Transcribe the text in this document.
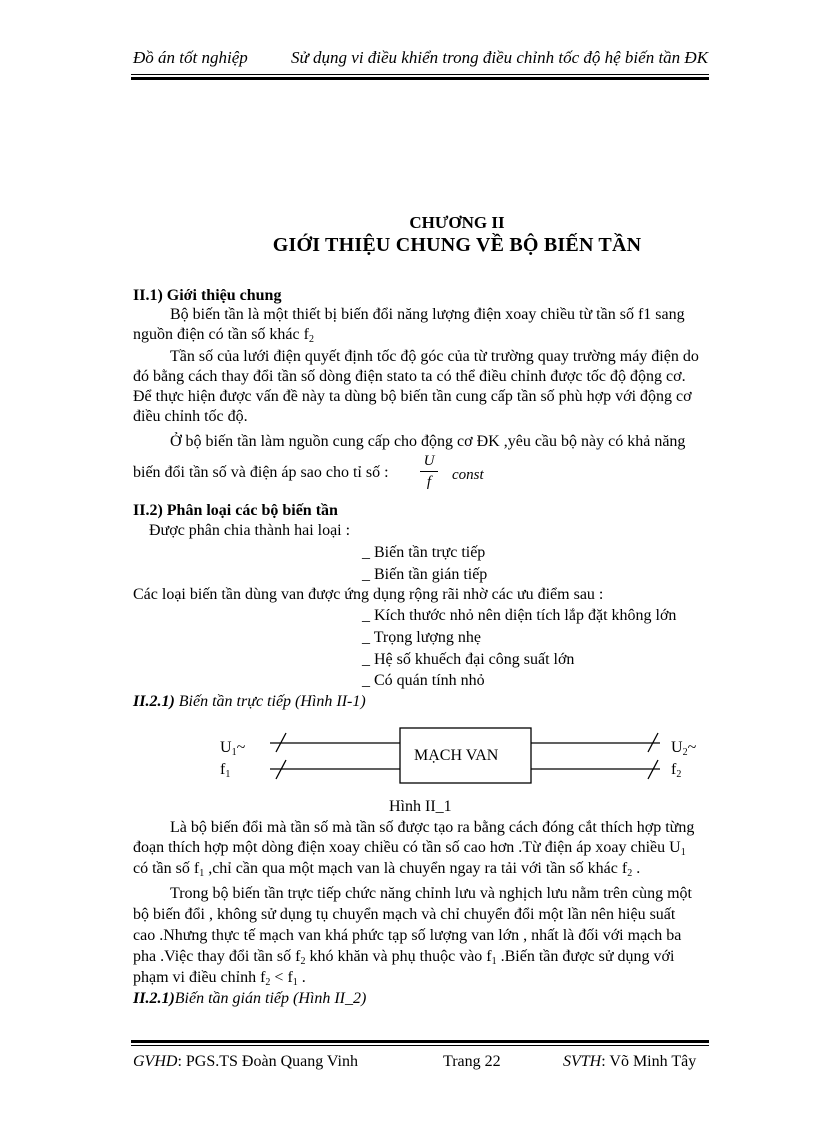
Đồ án tốt nghiệp	Sử dụng vi điều khiển trong điều chỉnh tốc độ hệ biến tần ĐK
CHƯƠNG II
GIỚI THIỆU CHUNG VỀ BỘ BIẾN TẦN
II.1) Giới thiệu chung
Bộ biến tần là một thiết bị biến đổi năng lượng điện xoay chiều từ tần số f1 sang
nguồn điện có tần số khác $f_2$
Tần số của lưới điện quyết định tốc độ góc của từ trường quay trường máy điện do
đó bằng cách thay đổi tần số dòng điện stato ta có thể điều chỉnh được tốc độ động cơ.
Để thực hiện được vấn đề này ta dùng bộ biến tần cung cấp tần số phù hợp với động cơ
điều chỉnh tốc độ.
Ở bộ biến tần làm nguồn cung cấp cho động cơ ĐK ,yêu cầu bộ này có khả năng
biến đổi tần số và điện áp sao cho tỉ số :
U
f	const
II.2) Phân loại các bộ biến tần
Được phân chia thành hai loại :
_ Biến tần trực tiếp
_ Biến tần gián tiếp
Các loại biến tần dùng van được ứng dụng rộng rãi nhờ các ưu điểm sau :
_ Kích thước nhỏ nên diện tích lắp đặt không lớn
_ Trọng lượng nhẹ
_ Hệ số khuếch đại công suất lớn
_ Có quán tính nhỏ
II.2.1) Biến tần trực tiếp (Hình II-1)
MẠCH VAN
$U_1\sim$
$f_1$
$U_2\sim$
$f_2$
Hình II_1
Là bộ biến đổi mà tần số mà tần số được tạo ra bằng cách đóng cắt thích hợp từng
đoạn thích hợp một dòng điện xoay chiều có tần số cao hơn .Từ điện áp xoay chiều $U_1$
có tần số $f_1$ ,chỉ cần qua một mạch van là chuyển ngay ra tải với tần số khác $f_2$ .
Trong bộ biến tần trực tiếp chức năng chỉnh lưu và nghịch lưu nằm trên cùng một
bộ biến đổi , không sử dụng tụ chuyển mạch và chỉ chuyển đổi một lần nên hiệu suất
cao .Nhưng thực tế mạch van khá phức tạp số lượng van lớn , nhất là đối với mạch ba
pha .Việc thay đổi tần số $f_2$ khó khăn và phụ thuộc vào $f_1$ .Biến tần được sử dụng với
phạm vi điều chỉnh $f_2 < f_1$ .
II.2.1)Biến tần gián tiếp (Hình II_2)
GVHD: PGS.TS Đoàn Quang Vinh	Trang 22	SVTH: Võ Minh Tây
